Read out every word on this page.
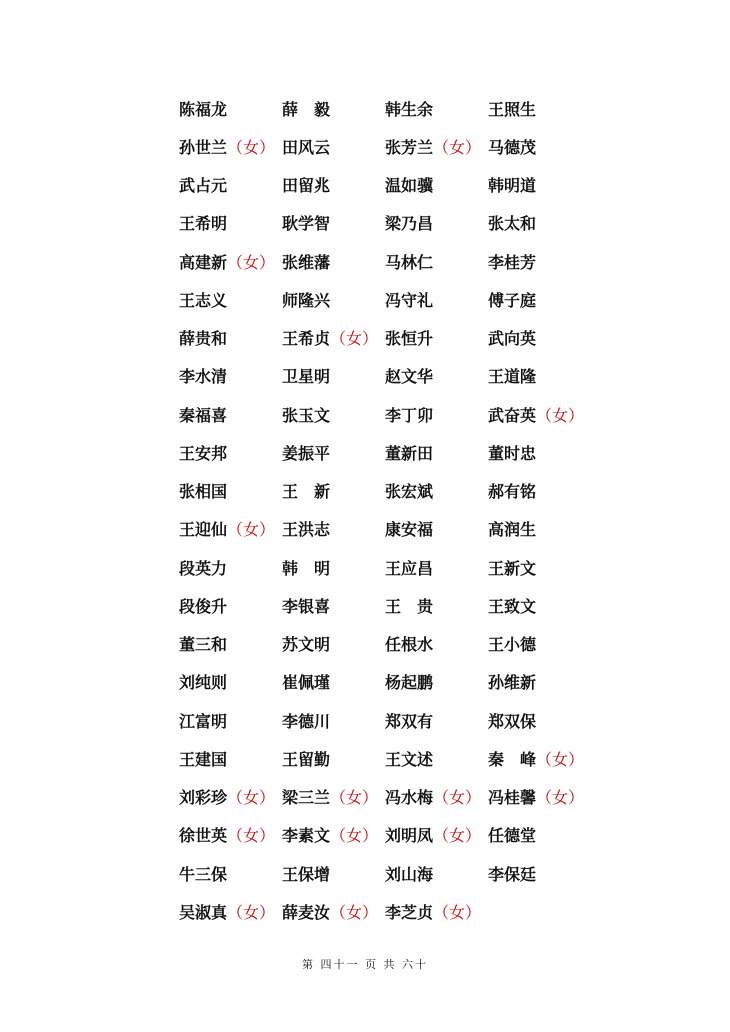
陈福龙	薛　毅	韩生余	王照生
孙世兰（女） 田风云	张芳兰（女） 马德茂
武占元	田留兆	温如骥	韩明道
王希明	耿学智	梁乃昌	张太和
高建新（女） 张维藩	马林仁	李桂芳
王志义	师隆兴	冯守礼	傅子庭
薛贵和	王希贞（女） 张恒升	武向英
李水清	卫星明	赵文华	王道隆
秦福喜	张玉文	李丁卯	武奋英（女）
王安邦	姜振平	董新田	董时忠
张相国	王　新	张宏斌	郝有铭
王迎仙（女） 王洪志	康安福	高润生
段英力	韩　明	王应昌	王新文
段俊升	李银喜	王　贵	王致文
董三和	苏文明	任根水	王小德
刘纯则	崔佩瑾	杨起鹏	孙维新
江富明	李德川	郑双有	郑双保
王建国	王留勤	王文述	秦　峰（女）
刘彩珍（女） 梁三兰（女） 冯水梅（女） 冯桂馨（女）
徐世英（女） 李素文（女） 刘明凤（女） 任德堂
牛三保	王保增	刘山海	李保廷
吴淑真（女） 薛麦汝（女） 李芝贞（女）
第 四十一 页 共 六十
